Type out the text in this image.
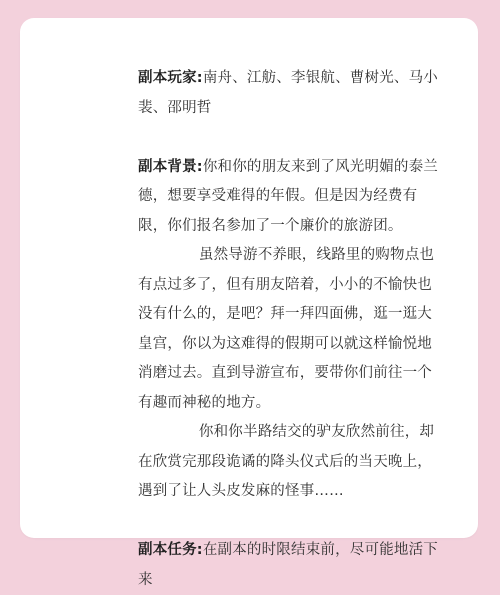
副本玩家:南舟、江舫、李银航、曹树光、马小裴、邵明哲

副本背景:你和你的朋友来到了风光明媚的泰兰德，想要享受难得的年假。但是因为经费有限，你们报名参加了一个廉价的旅游团。

虽然导游不养眼，线路里的购物点也有点过多了，但有朋友陪着，小小的不愉快也没有什么的，是吧？拜一拜四面佛，逛一逛大皇宫，你以为这难得的假期可以就这样愉悦地消磨过去。直到导游宣布，要带你们前往一个有趣而神秘的地方。

你和你半路结交的驴友欣然前往，却在欣赏完那段诡谲的降头仪式后的当天晚上，遇到了让人头皮发麻的怪事……

副本任务:在副本的时限结束前，尽可能地活下来
